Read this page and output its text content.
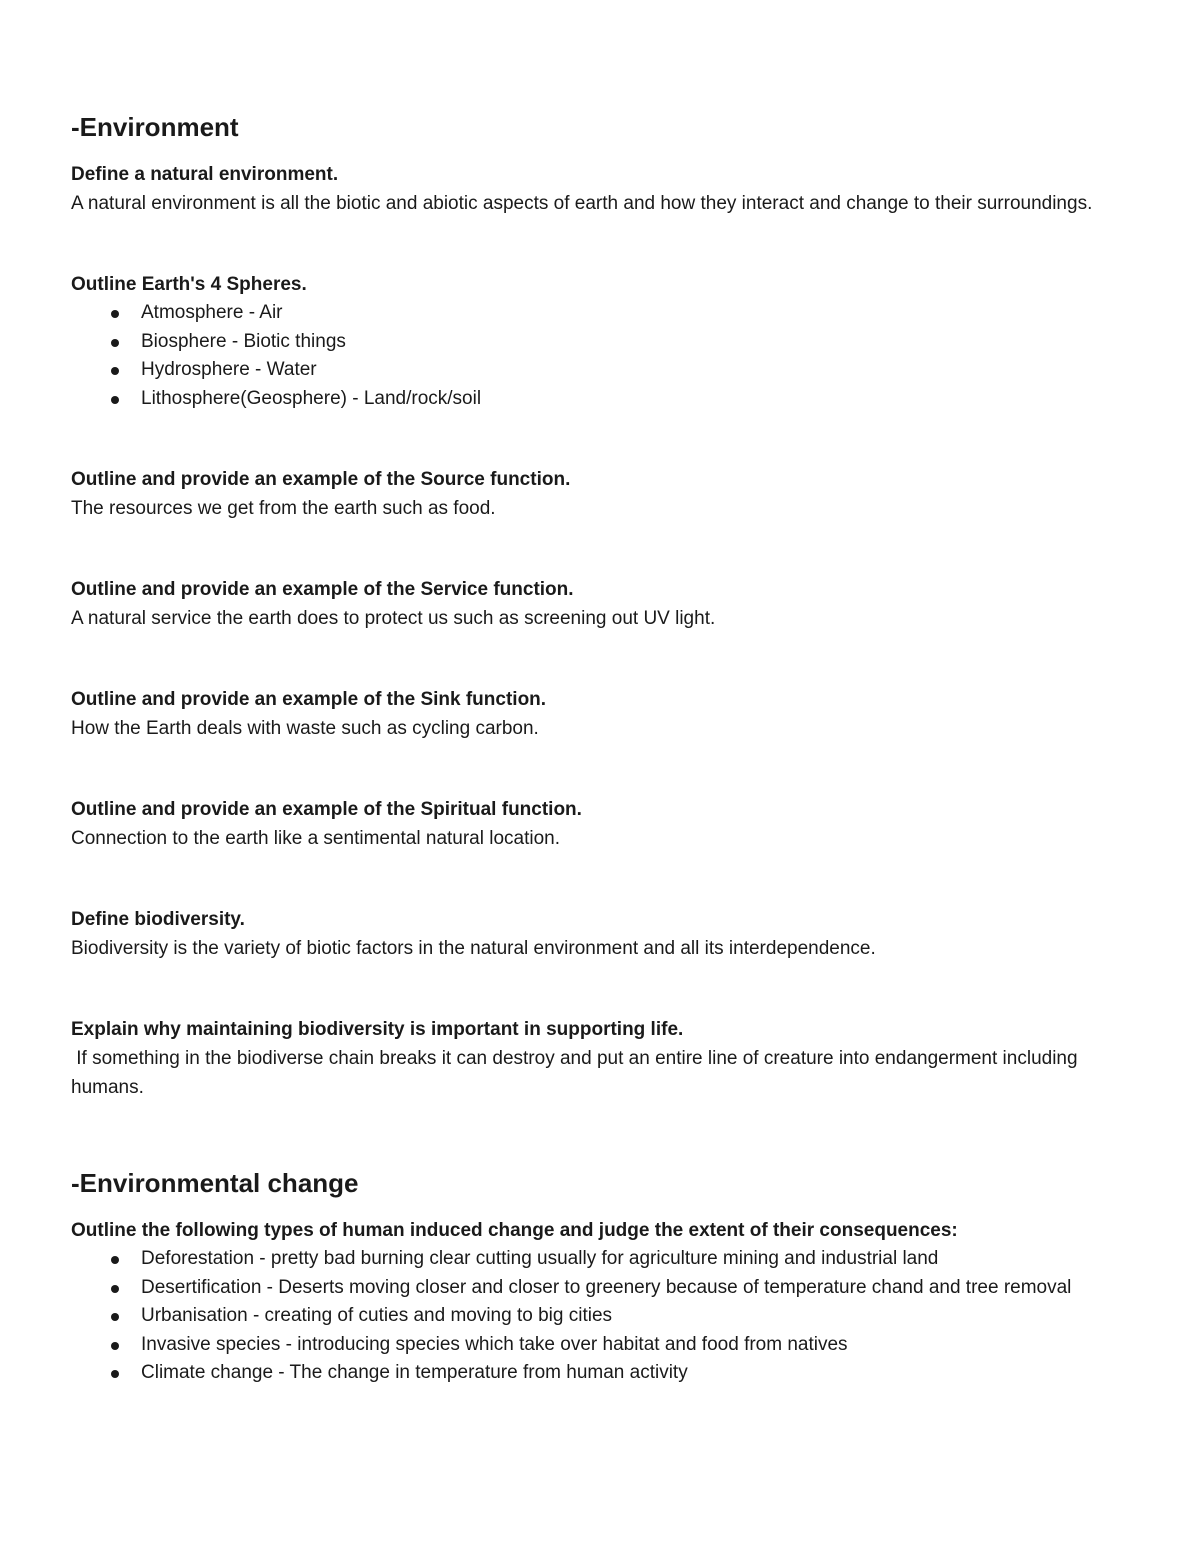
-Environment

Define a natural environment.

A natural environment is all the biotic and abiotic aspects of earth and how they interact and change to their surroundings.

Outline Earth's 4 Spheres.

Atmosphere - Air
Biosphere - Biotic things
Hydrosphere - Water
Lithosphere(Geosphere) - Land/rock/soil

Outline and provide an example of the Source function.

The resources we get from the earth such as food.

Outline and provide an example of the Service function.

A natural service the earth does to protect us such as screening out UV light.

Outline and provide an example of the Sink function.

How the Earth deals with waste such as cycling carbon.

Outline and provide an example of the Spiritual function.

Connection to the earth like a sentimental natural location.

Define biodiversity.

Biodiversity is the variety of biotic factors in the natural environment and all its interdependence.

Explain why maintaining biodiversity is important in supporting life.

If something in the biodiverse chain breaks it can destroy and put an entire line of creature into endangerment including humans.

-Environmental change

Outline the following types of human induced change and judge the extent of their consequences:

Deforestation - pretty bad burning clear cutting usually for agriculture mining and industrial land
Desertification - Deserts moving closer and closer to greenery because of temperature chand and tree removal
Urbanisation - creating of cuties and moving to big cities
Invasive species - introducing species which take over habitat and food from natives
Climate change - The change in temperature from human activity
